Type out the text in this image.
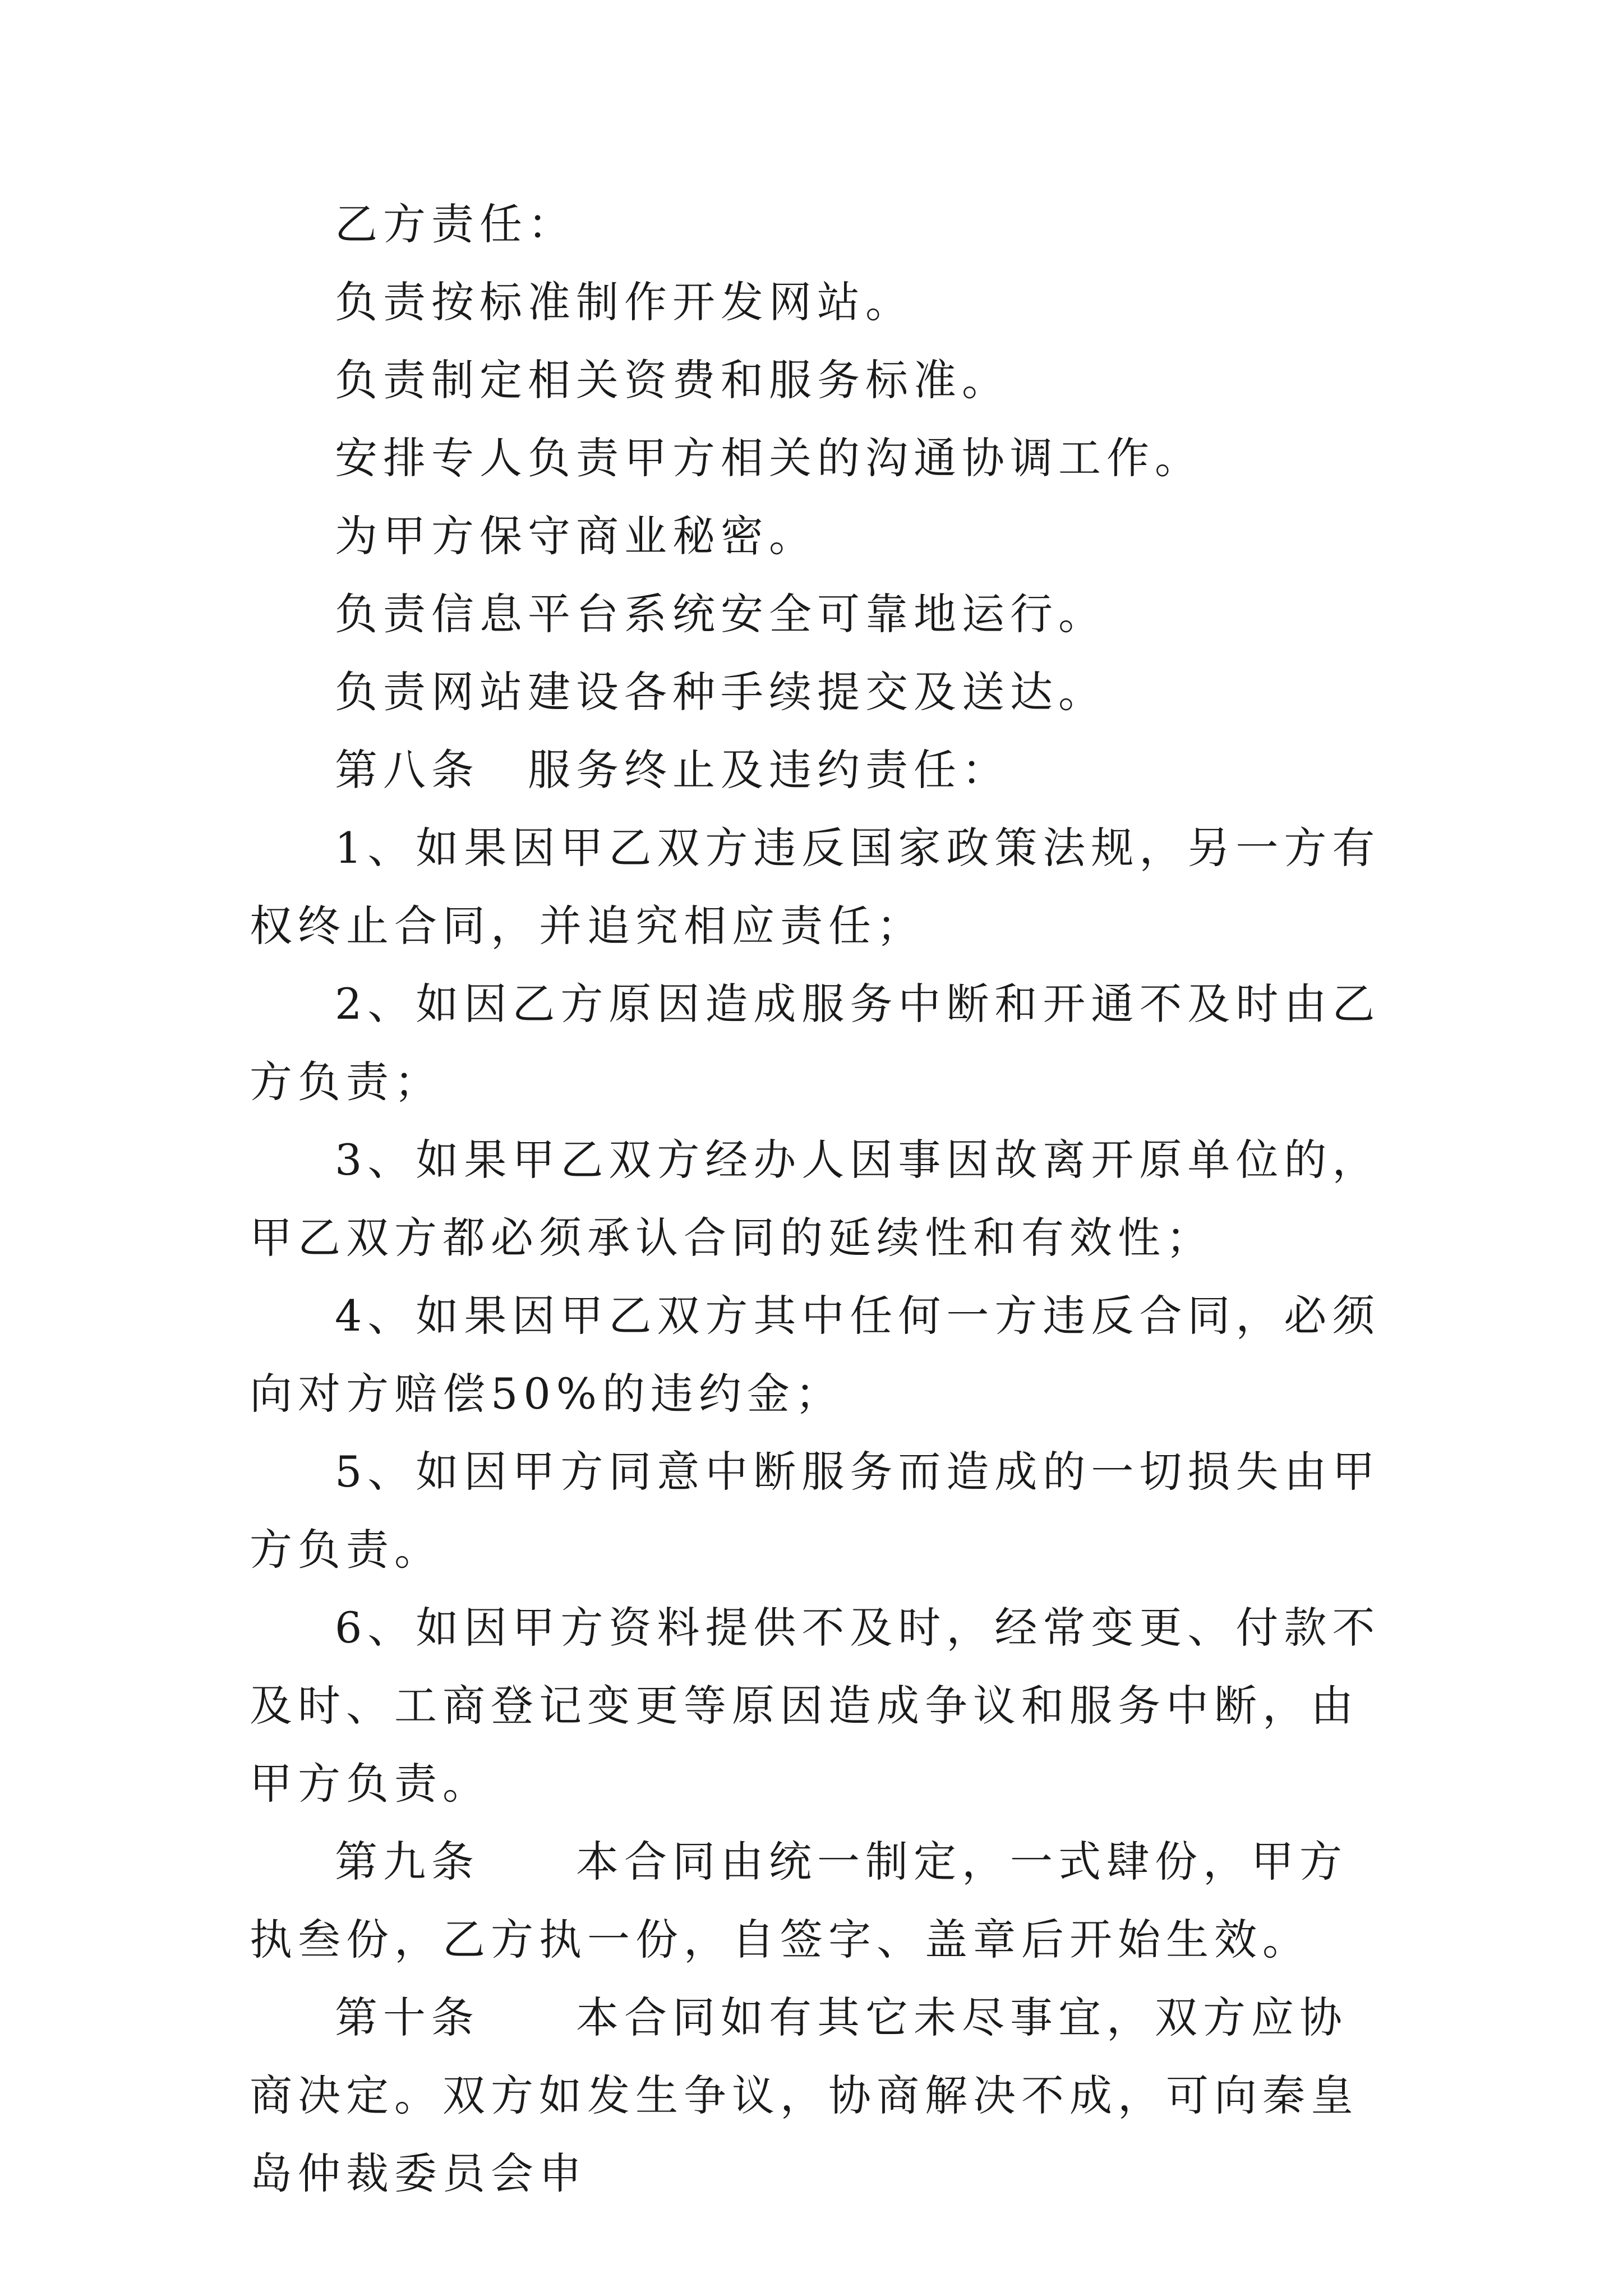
乙方责任：

负责按标准制作开发网站。

负责制定相关资费和服务标准。

安排专人负责甲方相关的沟通协调工作。

为甲方保守商业秘密。

负责信息平台系统安全可靠地运行。

负责网站建设各种手续提交及送达。

第八条　服务终止及违约责任：

1、如果因甲乙双方违反国家政策法规，另一方有权终止合同，并追究相应责任；

2、如因乙方原因造成服务中断和开通不及时由乙方负责；

3、如果甲乙双方经办人因事因故离开原单位的，甲乙双方都必须承认合同的延续性和有效性；

4、如果因甲乙双方其中任何一方违反合同，必须向对方赔偿50%的违约金；

5、如因甲方同意中断服务而造成的一切损失由甲方负责。

6、如因甲方资料提供不及时，经常变更、付款不及时、工商登记变更等原因造成争议和服务中断，由甲方负责。

第九条　　本合同由统一制定，一式肆份，甲方执叁份，乙方执一份，自签字、盖章后开始生效。

第十条　　本合同如有其它未尽事宜，双方应协商决定。双方如发生争议，协商解决不成，可向秦皇岛仲裁委员会申
